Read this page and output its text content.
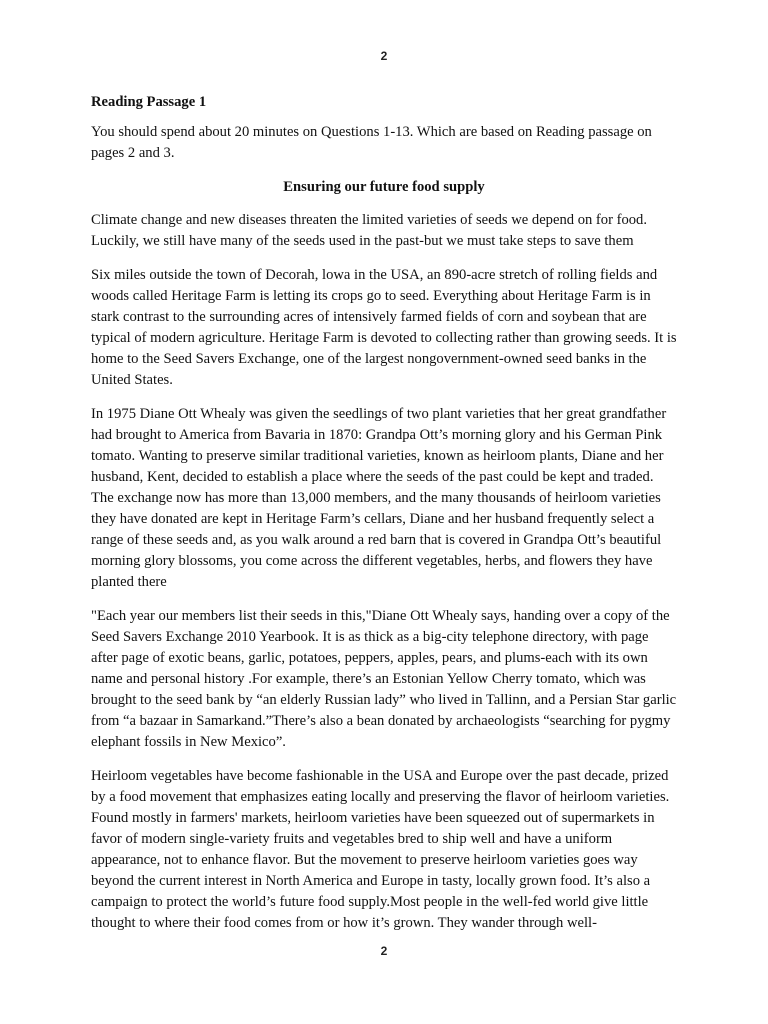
2
Reading Passage 1
You should spend about 20 minutes on Questions 1-13. Which are based on Reading passage on pages 2 and 3.
Ensuring our future food supply
Climate change and new diseases threaten the limited varieties of seeds we depend on for food. Luckily, we still have many of the seeds used in the past-but we must take steps to save them
Six miles outside the town of Decorah, lowa in the USA, an 890-acre stretch of rolling fields and woods called Heritage Farm is letting its crops go to seed. Everything about Heritage Farm is in stark contrast to the surrounding acres of intensively farmed fields of corn and soybean that are typical of modern agriculture. Heritage Farm is devoted to collecting rather than growing seeds. It is home to the Seed Savers Exchange, one of the largest nongovernment-owned seed banks in the United States.
In 1975 Diane Ott Whealy was given the seedlings of two plant varieties that her great grandfather had brought to America from Bavaria in 1870: Grandpa Ott’s morning glory and his German Pink tomato. Wanting to preserve similar traditional varieties, known as heirloom plants, Diane and her husband, Kent, decided to establish a place where the seeds of the past could be kept and traded. The exchange now has more than 13,000 members, and the many thousands of heirloom varieties they have donated are kept in Heritage Farm’s cellars, Diane and her husband frequently select a range of these seeds and, as you walk around a red barn that is covered in Grandpa Ott’s beautiful morning glory blossoms, you come across the different vegetables, herbs, and flowers they have planted there
"Each year our members list their seeds in this,"Diane Ott Whealy says, handing over a copy of the Seed Savers Exchange 2010 Yearbook. It is as thick as a big-city telephone directory, with page after page of exotic beans, garlic, potatoes, peppers, apples, pears, and plums-each with its own name and personal history .For example, there’s an Estonian Yellow Cherry tomato, which was brought to the seed bank by “an elderly Russian lady” who lived in Tallinn, and a Persian Star garlic from “a bazaar in Samarkand.”There’s also a bean donated by archaeologists “searching for pygmy elephant fossils in New Mexico”.
Heirloom vegetables have become fashionable in the USA and Europe over the past decade, prized by a food movement that emphasizes eating locally and preserving the flavor of heirloom varieties. Found mostly in farmers' markets, heirloom varieties have been squeezed out of supermarkets in favor of modern single-variety fruits and vegetables bred to ship well and have a uniform appearance, not to enhance flavor. But the movement to preserve heirloom varieties goes way beyond the current interest in North America and Europe in tasty, locally grown food. It’s also a campaign to protect the world’s future food supply.Most people in the well-fed world give little thought to where their food comes from or how it’s grown. They wander through well-
2
